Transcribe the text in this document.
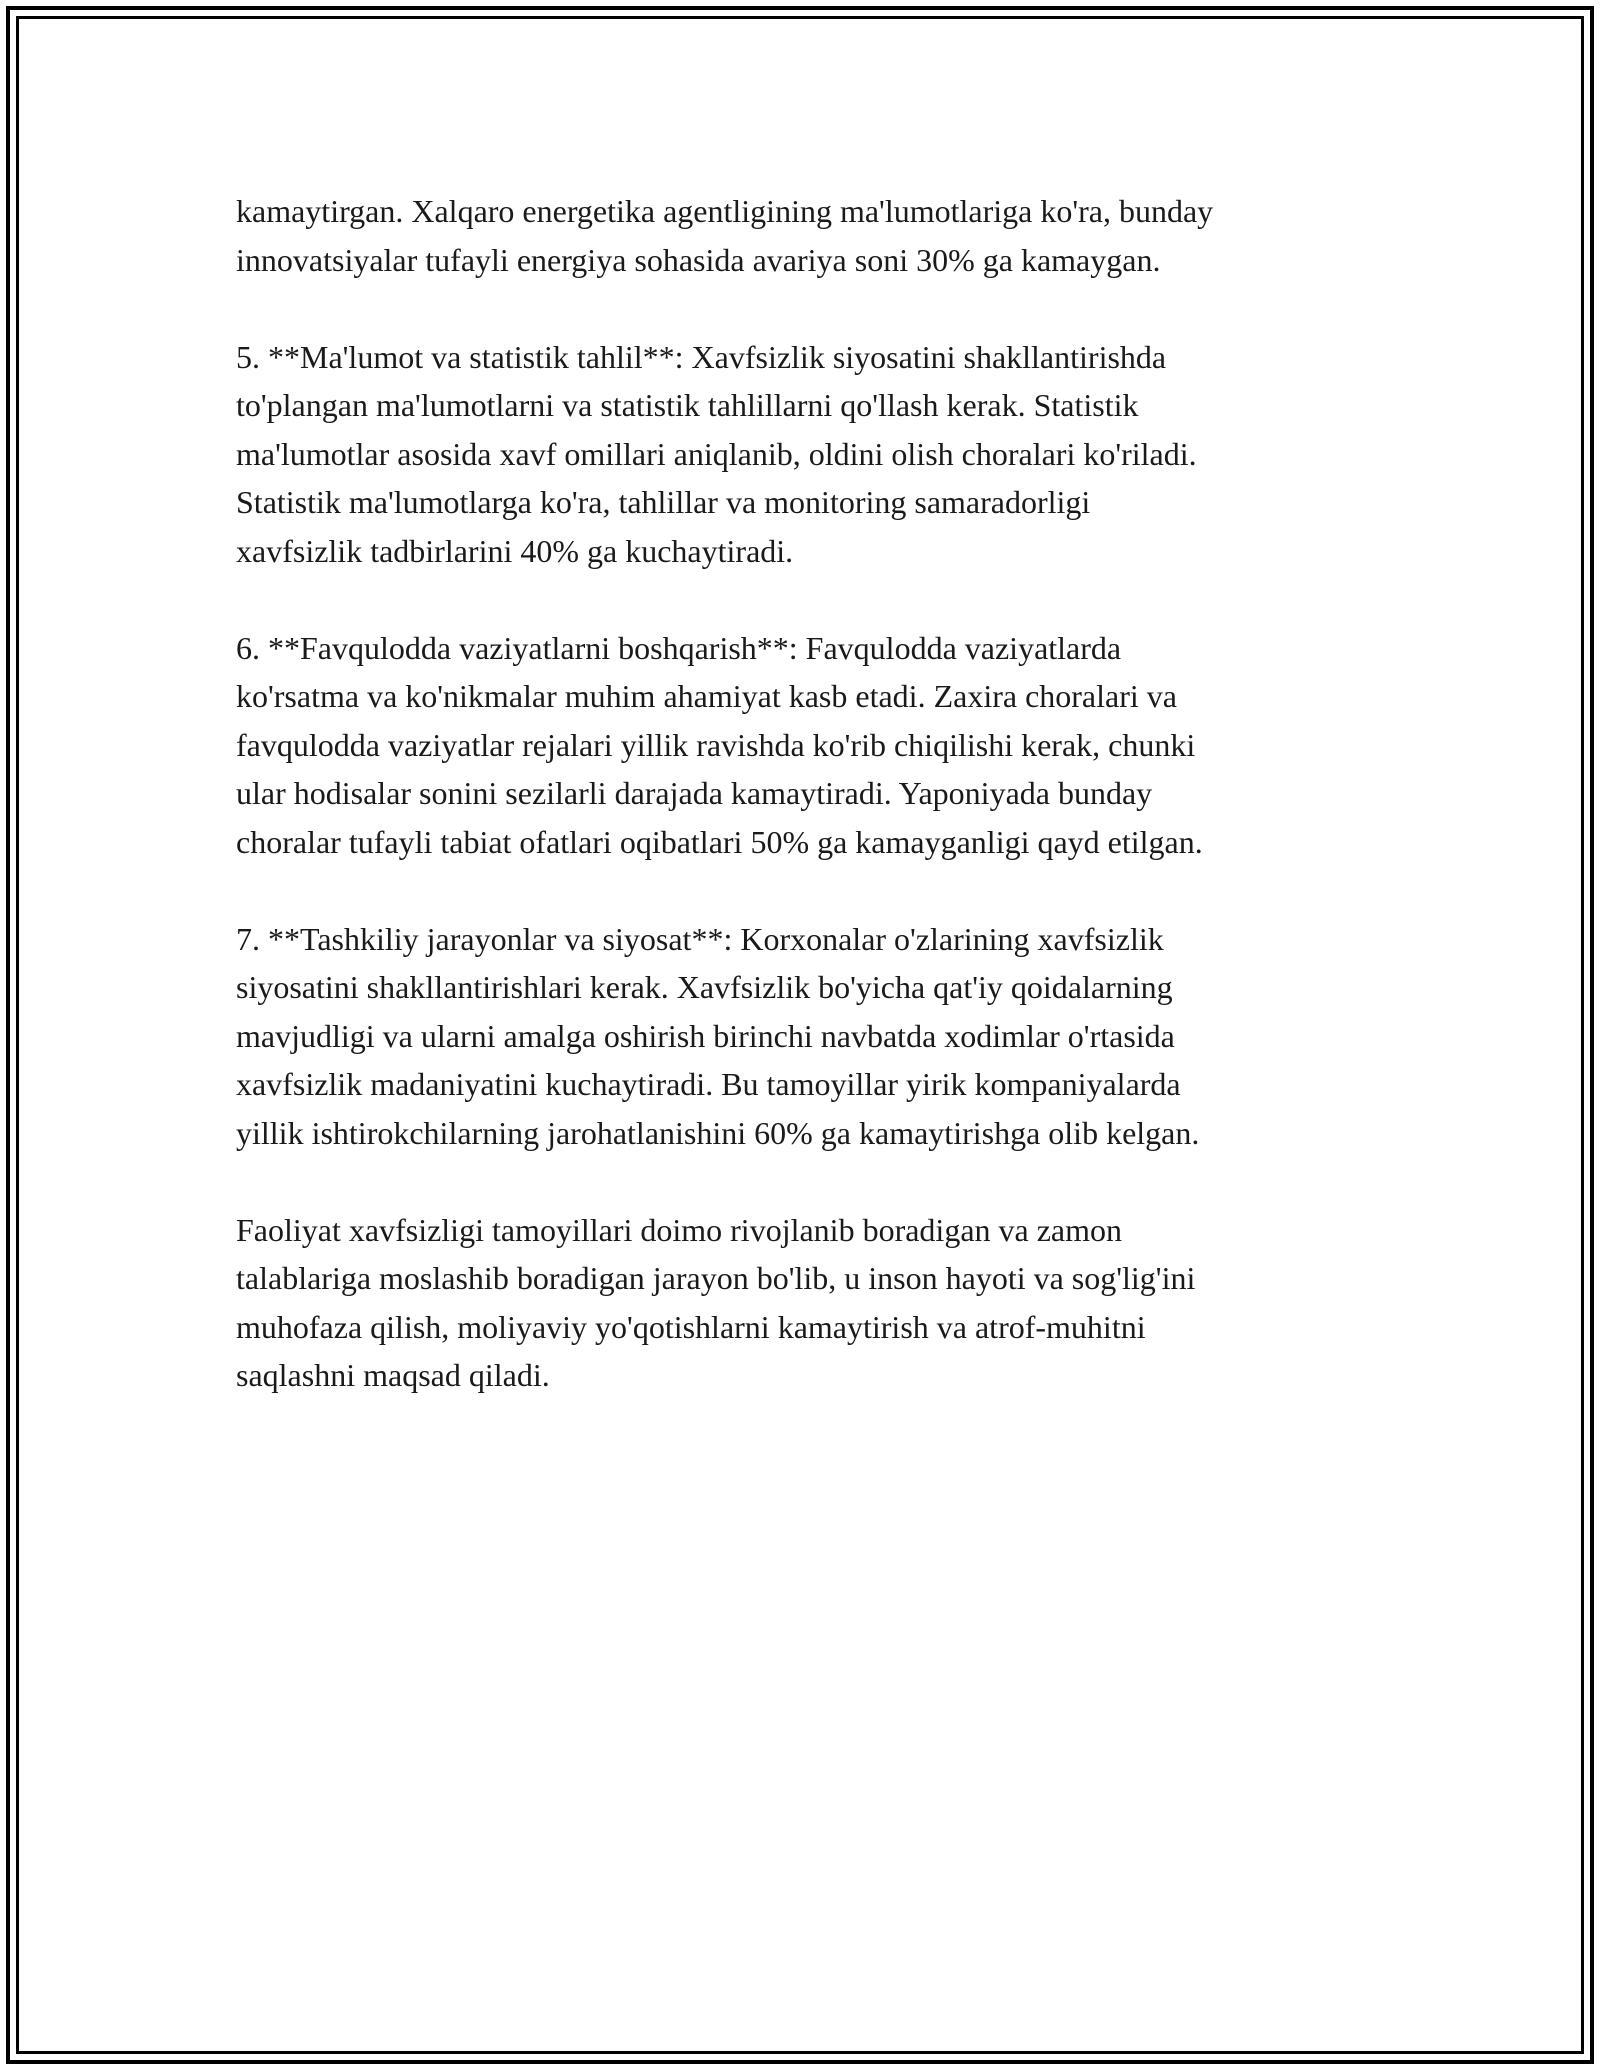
kamaytirgan. Xalqaro energetika agentligining ma'lumotlariga ko'ra, bunday
innovatsiyalar tufayli energiya sohasida avariya soni 30% ga kamaygan.

5. **Ma'lumot va statistik tahlil**: Xavfsizlik siyosatini shakllantirishda
to'plangan ma'lumotlarni va statistik tahlillarni qo'llash kerak. Statistik
ma'lumotlar asosida xavf omillari aniqlanib, oldini olish choralari ko'riladi.
Statistik ma'lumotlarga ko'ra, tahlillar va monitoring samaradorligi
xavfsizlik tadbirlarini 40% ga kuchaytiradi.

6. **Favqulodda vaziyatlarni boshqarish**: Favqulodda vaziyatlarda
ko'rsatma va ko'nikmalar muhim ahamiyat kasb etadi. Zaxira choralari va
favqulodda vaziyatlar rejalari yillik ravishda ko'rib chiqilishi kerak, chunki
ular hodisalar sonini sezilarli darajada kamaytiradi. Yaponiyada bunday
choralar tufayli tabiat ofatlari oqibatlari 50% ga kamayganligi qayd etilgan.

7. **Tashkiliy jarayonlar va siyosat**: Korxonalar o'zlarining xavfsizlik
siyosatini shakllantirishlari kerak. Xavfsizlik bo'yicha qat'iy qoidalarning
mavjudligi va ularni amalga oshirish birinchi navbatda xodimlar o'rtasida
xavfsizlik madaniyatini kuchaytiradi. Bu tamoyillar yirik kompaniyalarda
yillik ishtirokchilarning jarohatlanishini 60% ga kamaytirishga olib kelgan.

Faoliyat xavfsizligi tamoyillari doimo rivojlanib boradigan va zamon
talablariga moslashib boradigan jarayon bo'lib, u inson hayoti va sog'lig'ini
muhofaza qilish, moliyaviy yo'qotishlarni kamaytirish va atrof-muhitni
saqlashni maqsad qiladi.
